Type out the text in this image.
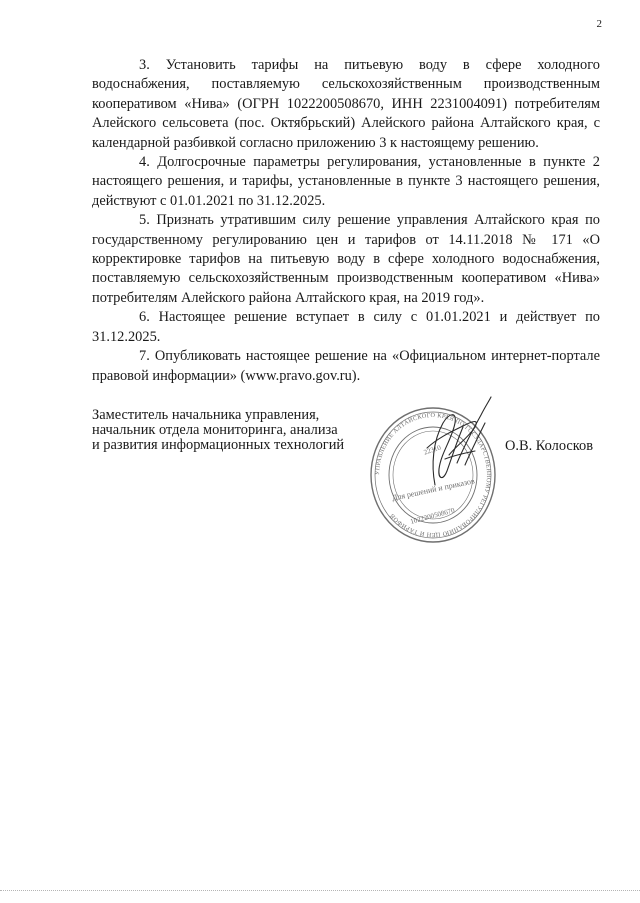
2

3. Установить тарифы на питьевую воду в сфере холодного водоснабжения, поставляемую сельскохозяйственным производственным кооперативом «Нива» (ОГРН 1022200508670, ИНН 2231004091) потребителям Алейского сельсовета (пос. Октябрьский) Алейского района Алтайского края, с календарной разбивкой согласно приложению 3 к настоящему решению.

4. Долгосрочные параметры регулирования, установленные в пункте 2 настоящего решения, и тарифы, установленные в пункте 3 настоящего решения, действуют с 01.01.2021 по 31.12.2025.

5. Признать утратившим силу решение управления Алтайского края по государственному регулированию цен и тарифов от 14.11.2018 № 171 «О корректировке тарифов на питьевую воду в сфере холодного водоснабжения, поставляемую сельскохозяйственным производственным кооперативом «Нива» потребителям Алейского района Алтайского края, на 2019 год».

6. Настоящее решение вступает в силу с 01.01.2021 и действует по 31.12.2025.

7. Опубликовать настоящее решение на «Официальном интернет-портале правовой информации» (www.pravo.gov.ru).

Заместитель начальника управления,
начальник отдела мониторинга, анализа
и развития информационных технологий
УПРАВЛЕНИЕ АЛТАЙСКОГО КРАЯ ПО ГОСУДАРСТВЕННОМУ РЕГУЛИРОВАНИЮ ЦЕН И ТАРИФОВ
22310
Для решений и приказов
1022200508670
О.В. Колосков
